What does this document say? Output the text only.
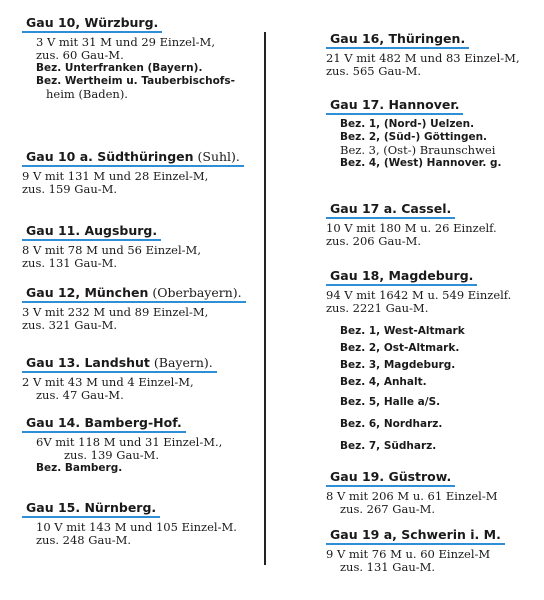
Gau 10, Würzburg.
3 V mit 31 M und 29 Einzel-M,
zus. 60 Gau-M.
Bez. Unterfranken (Bayern).
Bez. Wertheim u. Tauberbischofs-
heim (Baden).
Gau 10 a. Südthüringen (Suhl).
9 V mit 131 M und 28 Einzel-M,
zus. 159 Gau-M.
Gau 11. Augsburg.
8 V mit 78 M und 56 Einzel-M,
zus. 131 Gau-M.
Gau 12, München (Oberbayern).
3 V mit 232 M und 89 Einzel-M,
zus. 321 Gau-M.
Gau 13. Landshut (Bayern).
2 V mit 43 M und 4 Einzel-M,
zus. 47 Gau-M.
Gau 14. Bamberg-Hof.
6V mit 118 M und 31 Einzel-M.,
zus. 139 Gau-M.
Bez. Bamberg.
Gau 15. Nürnberg.
10 V mit 143 M und 105 Einzel-M.
zus. 248 Gau-M.
Gau 16, Thüringen.
21 V mit 482 M und 83 Einzel-M,
zus. 565 Gau-M.
Gau 17. Hannover.
Bez. 1, (Nord-) Uelzen.
Bez. 2, (Süd-) Göttingen.
Bez. 3, (Ost-) Braunschwei
Bez. 4, (West) Hannover. g.
Gau 17 a. Cassel.
10 V mit 180 M u. 26 Einzelf.
zus. 206 Gau-M.
Gau 18, Magdeburg.
94 V mit 1642 M u. 549 Einzelf.
zus. 2221 Gau-M.
Bez. 1, West-Altmark
Bez. 2, Ost-Altmark.
Bez. 3, Magdeburg.
Bez. 4, Anhalt.
Bez. 5, Halle a/S.
Bez. 6, Nordharz.
Bez. 7, Südharz.
Gau 19. Güstrow.
8 V mit 206 M u. 61 Einzel-M
zus. 267 Gau-M.
Gau 19 a, Schwerin i. M.
9 V mit 76 M u. 60 Einzel-M
zus. 131 Gau-M.
